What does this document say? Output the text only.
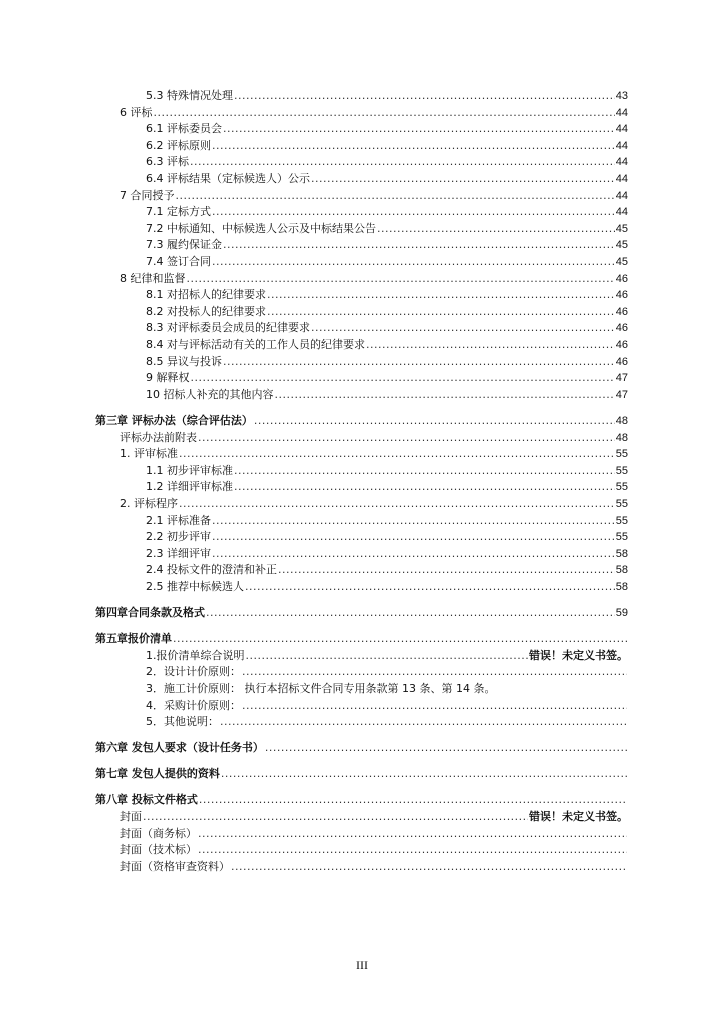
5.3 特殊情况处理 .....	43
6 评标 .....	44
6.1 评标委员会 .....	44
6.2 评标原则 .....	44
6.3 评标 .....	44
6.4 评标结果（定标候选人）公示 .....	44
7 合同授予 .....	44
7.1 定标方式 .....	44
7.2 中标通知、中标候选人公示及中标结果公告 .....	45
7.3 履约保证金 .....	45
7.4 签订合同 .....	45
8 纪律和监督 .....	46
8.1 对招标人的纪律要求 .....	46
8.2 对投标人的纪律要求 .....	46
8.3 对评标委员会成员的纪律要求 .....	46
8.4 对与评标活动有关的工作人员的纪律要求 .....	46
8.5 异议与投诉 .....	46
9 解释权 .....	47
10 招标人补充的其他内容 .....	47
第三章 评标办法（综合评估法） .....	48
评标办法前附表 .....	48
1. 评审标准 .....	55
1.1 初步评审标准 .....	55
1.2 详细评审标准 .....	55
2. 评标程序 .....	55
2.1 评标准备 .....	55
2.2 初步评审 .....	55
2.3 详细评审 .....	58
2.4 投标文件的澄清和补正 .....	58
2.5 推荐中标候选人 .....	58
第四章合同条款及格式 .....	59
第五章报价清单
.....
1.报价清单综合说明 .....	错误！未定义书签。
2．设计计价原则：
.....
3．施工计价原则： 执行本招标文件合同专用条款第 13 条、第 14 条。
4．采购计价原则：
.....
5．其他说明：
.....
第六章 发包人要求（设计任务书）
.....
第七章 发包人提供的资料
.....
第八章 投标文件格式
.....
封面 .....	错误！未定义书签。
封面（商务标）
.....
封面（技术标）
.....
封面（资格审查资料）
.....
III
